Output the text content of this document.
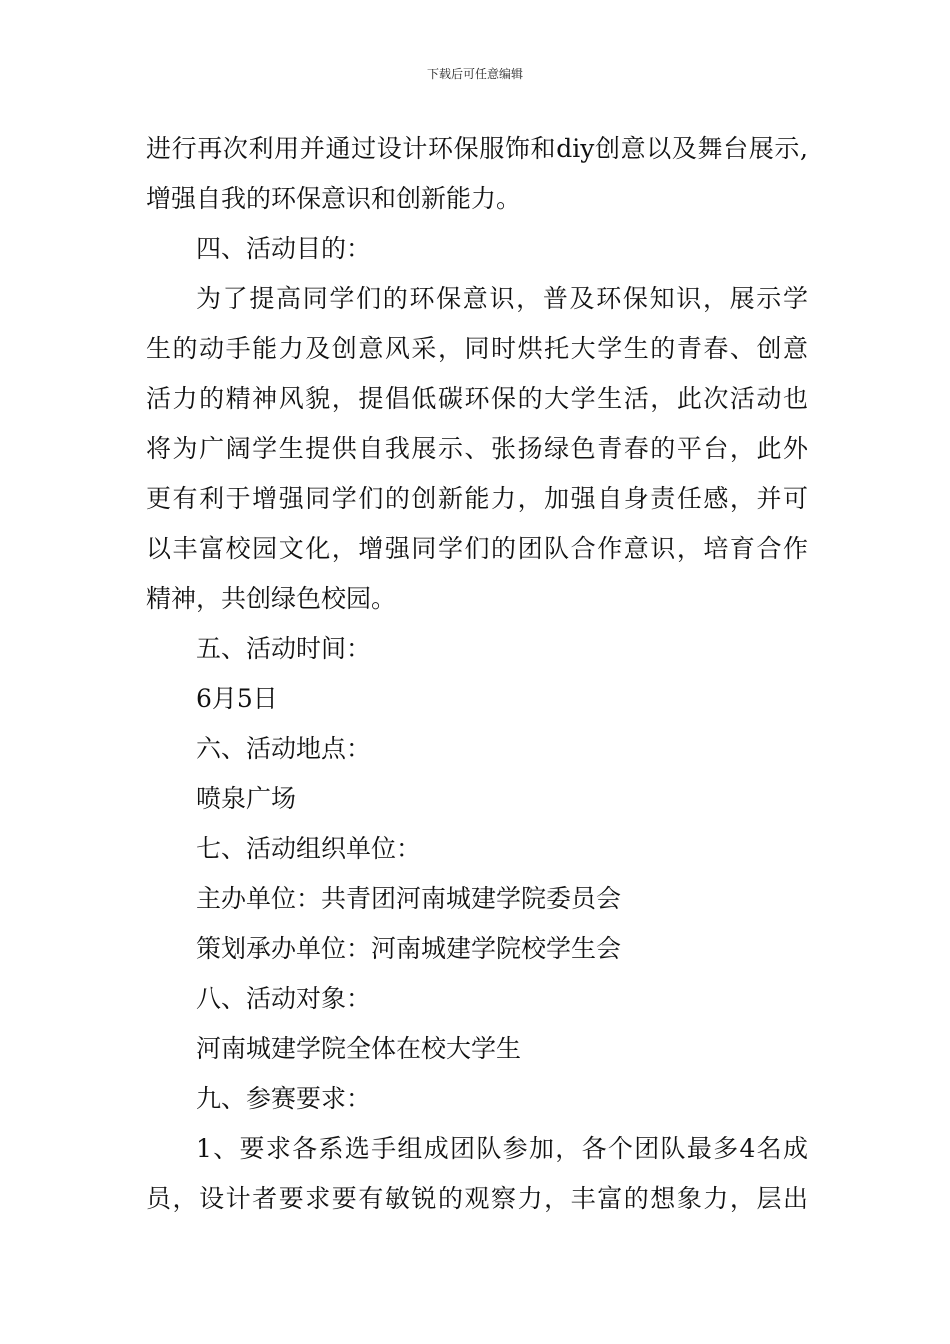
下载后可任意编辑
进行再次利用并通过设计环保服饰和diy创意以及舞台展示,
增强自我的环保意识和创新能力。
四、活动目的：
为了提高同学们的环保意识，普及环保知识，展示学
生的动手能力及创意风采，同时烘托大学生的青春、创意
活力的精神风貌，提倡低碳环保的大学生活，此次活动也
将为广阔学生提供自我展示、张扬绿色青春的平台，此外
更有利于增强同学们的创新能力，加强自身责任感，并可
以丰富校园文化，增强同学们的团队合作意识，培育合作
精神，共创绿色校园。
五、活动时间：
6月5日
六、活动地点：
喷泉广场
七、活动组织单位：
主办单位：共青团河南城建学院委员会
策划承办单位：河南城建学院校学生会
八、活动对象：
河南城建学院全体在校大学生
九、参赛要求：
1、要求各系选手组成团队参加，各个团队最多4名成
员，设计者要求要有敏锐的观察力，丰富的想象力，层出
